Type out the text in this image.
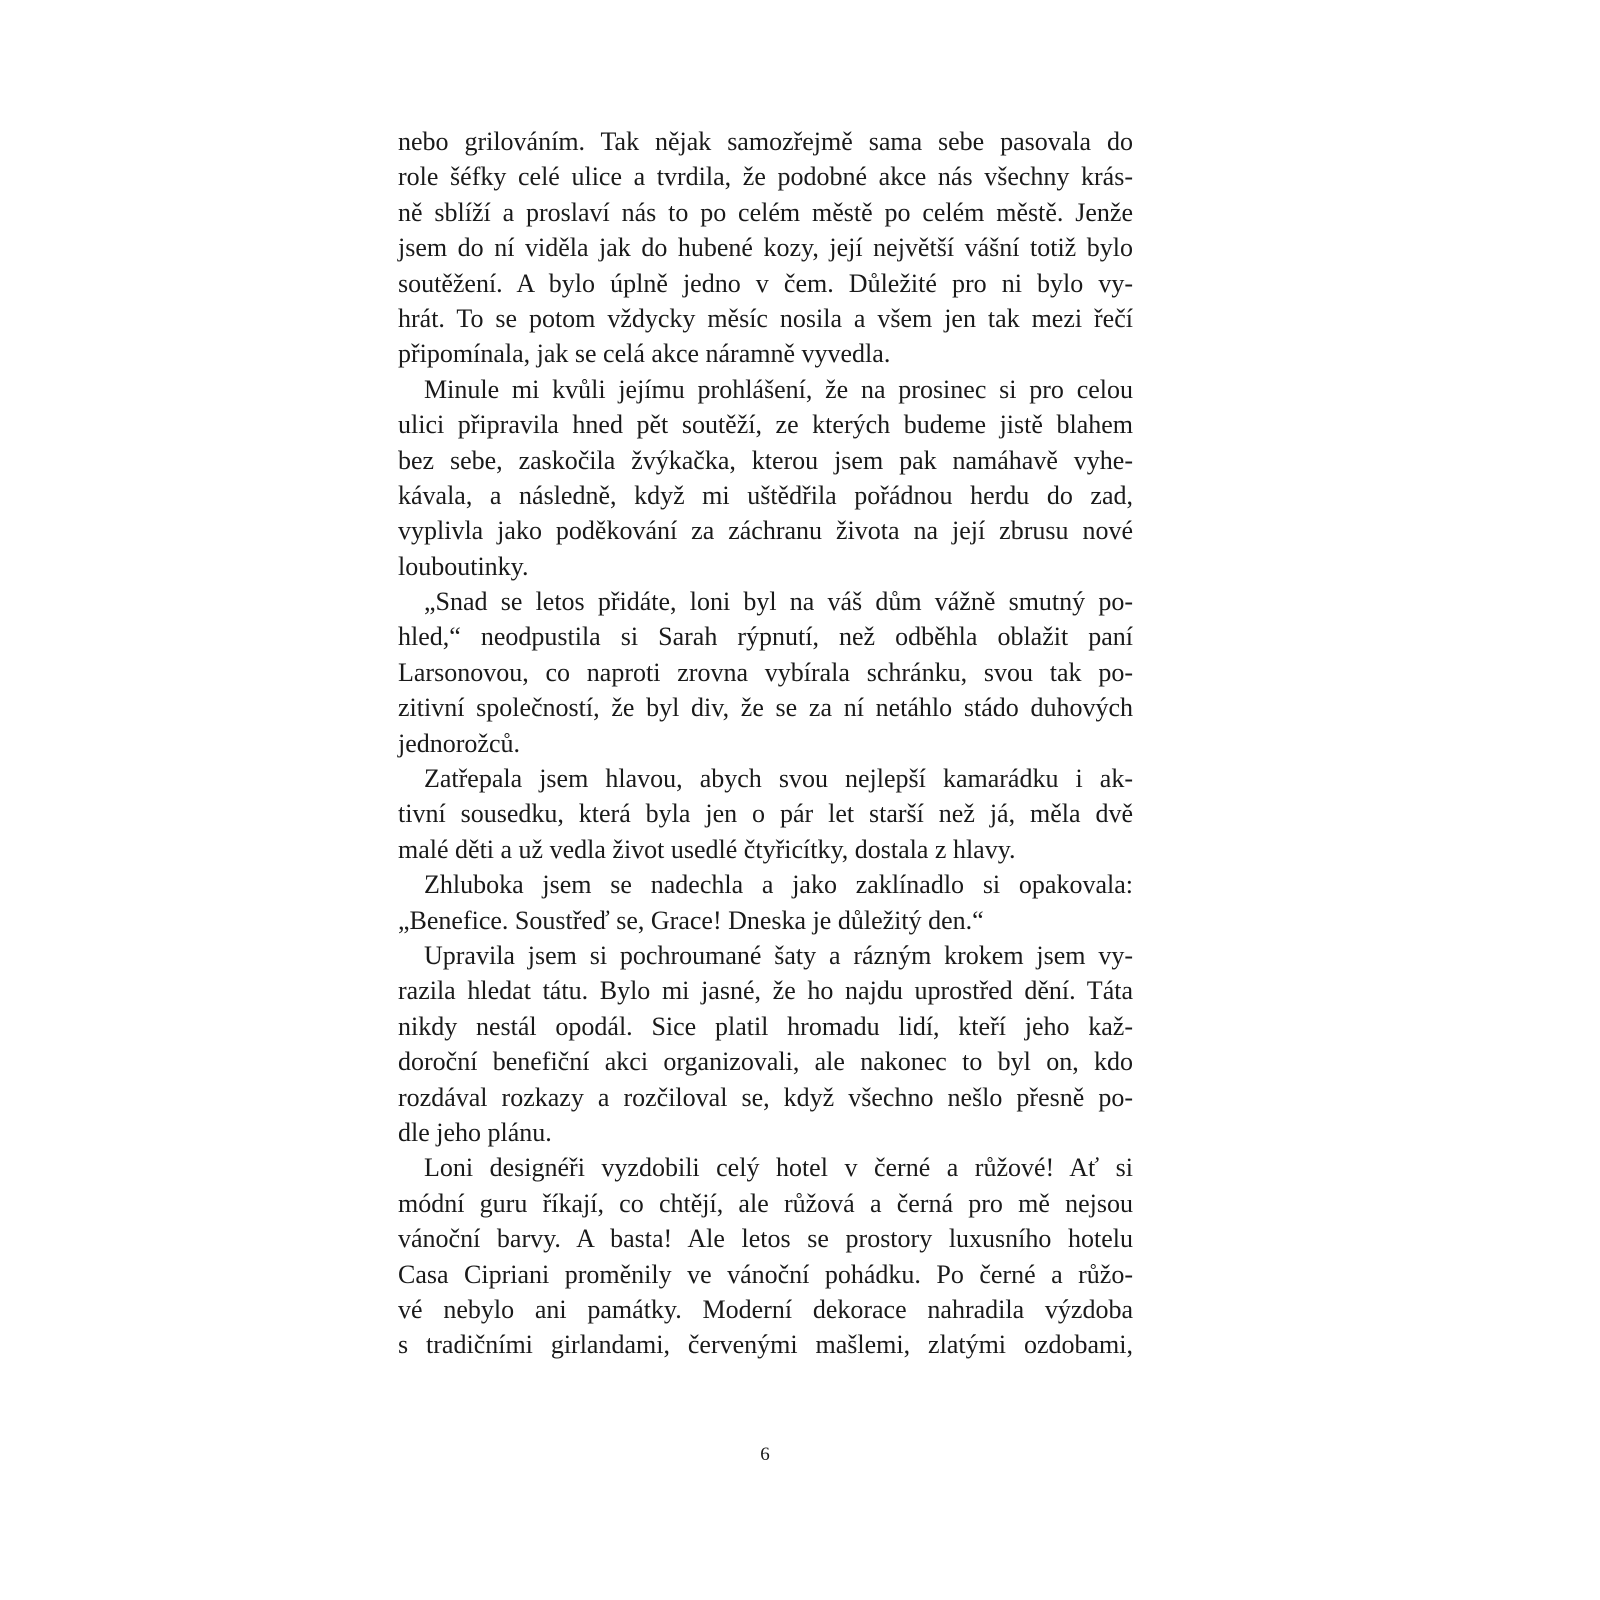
nebo grilováním. Tak nějak samozřejmě sama sebe pasovala do
role šéfky celé ulice a tvrdila, že podobné akce nás všechny krás-
ně sblíží a proslaví nás to po celém městě po celém městě. Jenže
jsem do ní viděla jak do hubené kozy, její největší vášní totiž bylo
soutěžení. A bylo úplně jedno v čem. Důležité pro ni bylo vy-
hrát. To se potom vždycky měsíc nosila a všem jen tak mezi řečí
připomínala, jak se celá akce náramně vyvedla.
Minule mi kvůli jejímu prohlášení, že na prosinec si pro celou
ulici připravila hned pět soutěží, ze kterých budeme jistě blahem
bez sebe, zaskočila žvýkačka, kterou jsem pak namáhavě vyhe-
kávala, a následně, když mi uštědřila pořádnou herdu do zad,
vyplivla jako poděkování za záchranu života na její zbrusu nové
louboutinky.
„Snad se letos přidáte, loni byl na váš dům vážně smutný po-
hled,“ neodpustila si Sarah rýpnutí, než odběhla oblažit paní
Larsonovou, co naproti zrovna vybírala schránku, svou tak po-
zitivní společností, že byl div, že se za ní netáhlo stádo duhových
jednorožců.
Zatřepala jsem hlavou, abych svou nejlepší kamarádku i ak-
tivní sousedku, která byla jen o pár let starší než já, měla dvě
malé děti a už vedla život usedlé čtyřicítky, dostala z hlavy.
Zhluboka jsem se nadechla a jako zaklínadlo si opakovala:
„Benefice. Soustřeď se, Grace! Dneska je důležitý den.“
Upravila jsem si pochroumané šaty a rázným krokem jsem vy-
razila hledat tátu. Bylo mi jasné, že ho najdu uprostřed dění. Táta
nikdy nestál opodál. Sice platil hromadu lidí, kteří jeho kaž-
doroční benefiční akci organizovali, ale nakonec to byl on, kdo
rozdával rozkazy a rozčiloval se, když všechno nešlo přesně po-
dle jeho plánu.
Loni designéři vyzdobili celý hotel v černé a růžové! Ať si
módní guru říkají, co chtějí, ale růžová a černá pro mě nejsou
vánoční barvy. A basta! Ale letos se prostory luxusního hotelu
Casa Cipriani proměnily ve vánoční pohádku. Po černé a růžo-
vé nebylo ani památky. Moderní dekorace nahradila výzdoba
s tradičními girlandami, červenými mašlemi, zlatými ozdobami,
6
